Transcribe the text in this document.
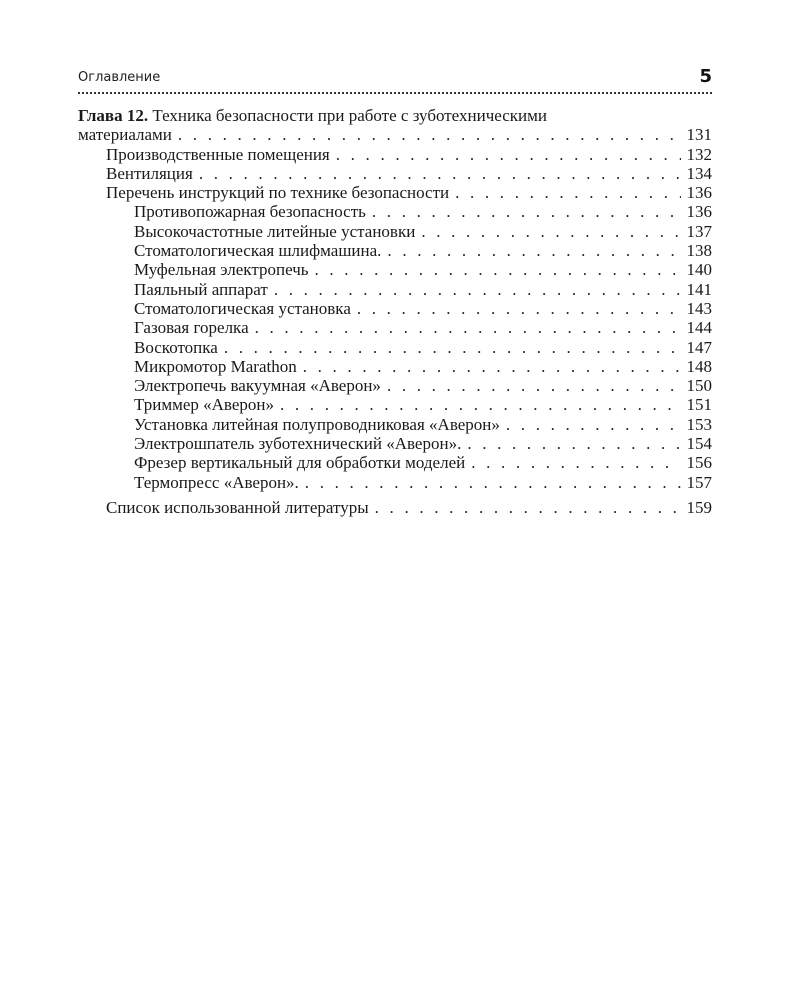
Оглавление	5
Глава 12. Техника безопасности при работе с зуботехническими
материалами . . .	131
Производственные помещения . . .	132
Вентиляция . . .	134
Перечень инструкций по технике безопасности . . .	136
Противопожарная безопасность . . .	136
Высокочастотные литейные установки . . .	137
Стоматологическая шлифмашина. . . .	138
Муфельная электропечь . . .	140
Паяльный аппарат . . .	141
Стоматологическая установка . . .	143
Газовая горелка . . .	144
Воскотопка . . .	147
Микромотор Marathon . . .	148
Электропечь вакуумная «Аверон» . . .	150
Триммер «Аверон» . . .	151
Установка литейная полупроводниковая «Аверон» . . .	153
Электрошпатель зуботехнический «Аверон». . . .	154
Фрезер вертикальный для обработки моделей . . .	156
Термопресс «Аверон». . . .	157
Список использованной литературы . . .	159
